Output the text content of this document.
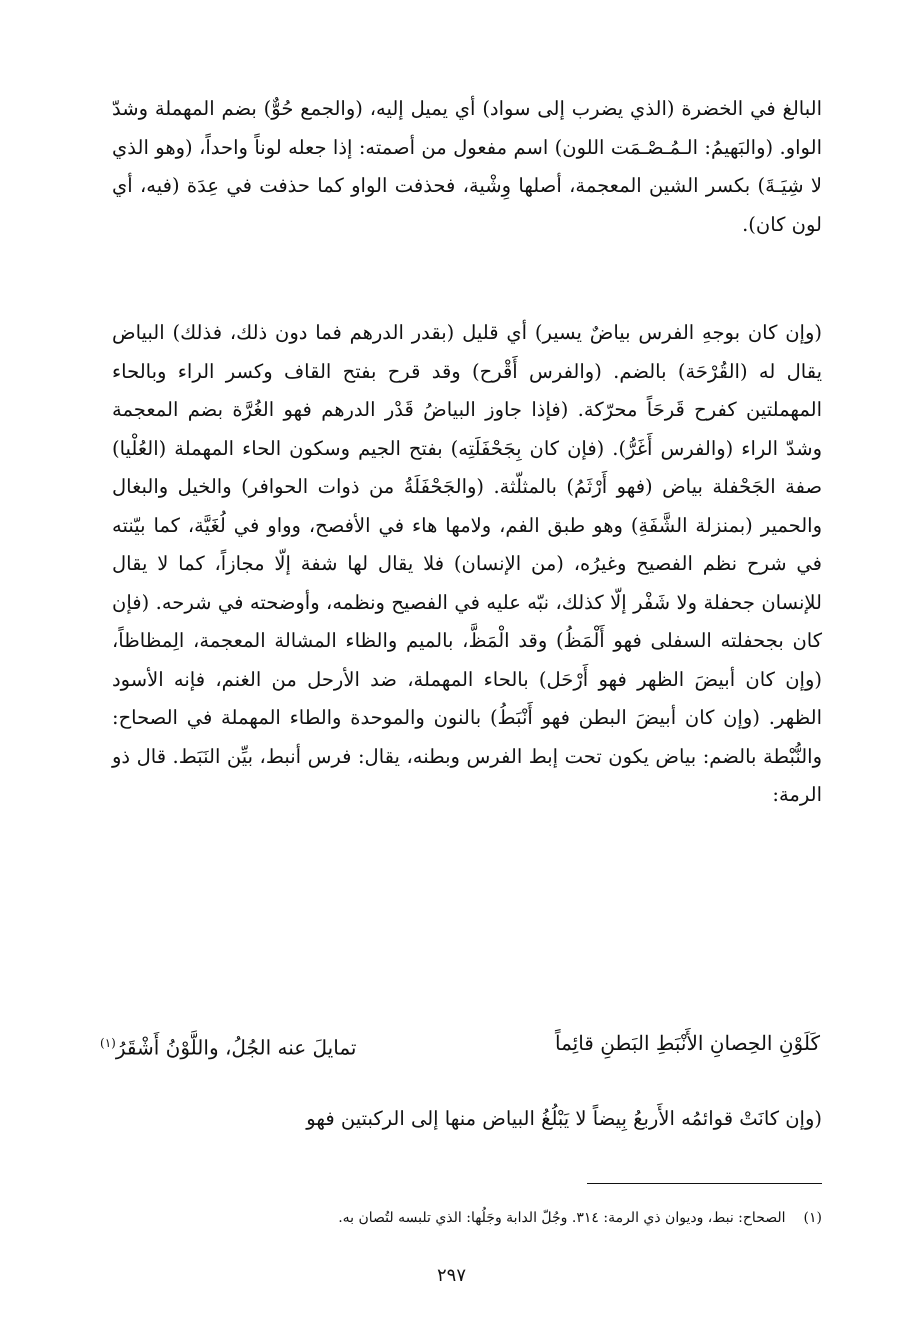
البالغ في الخضرة (الذي يضرب إلى سواد) أي يميل إليه، (والجمع حُوٌّ) بضم المهملة وشدّ الواو. (والبَهيمُ: الـمُـصْـمَت اللون) اسم مفعول من أصمته: إذا جعله لوناً واحداً، (وهو الذي لا شِيَـةَ) بكسر الشين المعجمة، أصلها وِشْية، فحذفت الواو كما حذفت في عِدَة (فيه، أي لون كان).

(وإن كان بوجهِ الفرس بياضٌ يسير) أي قليل (بقدر الدرهم فما دون ذلك، فذلك) البياض يقال له (القُرْحَة) بالضم. (والفرس أَقْرح) وقد قرح بفتح القاف وكسر الراء وبالحاء المهملتين كفرح قَرحَاً محرّكة. (فإذا جاوز البياضُ قَدْر الدرهم فهو الغُرَّة بضم المعجمة وشدّ الراء (والفرس أَغَرُّ). (فإن كان بِجَحْفَلَتِه) بفتح الجيم وسكون الحاء المهملة (العُلْيا) صفة الجَحْفلة بياض (فهو أَرْثَمُ) بالمثلّثة. (والجَحْفَلَةُ من ذوات الحوافر) والخيل والبغال والحمير (بمنزلة الشَّفَةِ) وهو طبق الفم، ولامها هاء في الأفصح، وواو في لُغَيَّة، كما بيّنته في شرح نظم الفصيح وغيرُه، (من الإنسان) فلا يقال لها شفة إلّا مجازاً، كما لا يقال للإنسان جحفلة ولا شَفْر إلّا كذلك، نبّه عليه في الفصيح ونظمه، وأوضحته في شرحه. (فإن كان بجحفلته السفلى فهو أَلْمَظُ) وقد الْمَظَّ، بالميم والظاء المشالة المعجمة، الِمظاظاً، (وإن كان أبيضَ الظهر فهو أَرْحَل) بالحاء المهملة، ضد الأرحل من الغنم، فإنه الأسود الظهر. (وإن كان أبيضَ البطن فهو أَنْبَطُ) بالنون والموحدة والطاء المهملة في الصحاح: والنُّبْطة بالضم: بياض يكون تحت إبط الفرس وبطنه، يقال: فرس أنبط، بيِّن النَبَط. قال ذو الرمة:

كَلَوْنِ الحِصانِ الأَنْبَطِ البَطنِ قائِماً
تمايلَ عنه الجُلُ، واللَّوْنُ أَشْقَرُ$^{(١)}$

(وإن كانَتْ قوائمُه الأَربعُ بِيضاً لا يَبْلُغُ البياض منها إلى الركبتين فهو

(١)الصحاح: نبط، وديوان ذي الرمة: ٣١٤. وجُلّ الدابة وجَلُها: الذي تلبسه لتُصان به.

٢٩٧
